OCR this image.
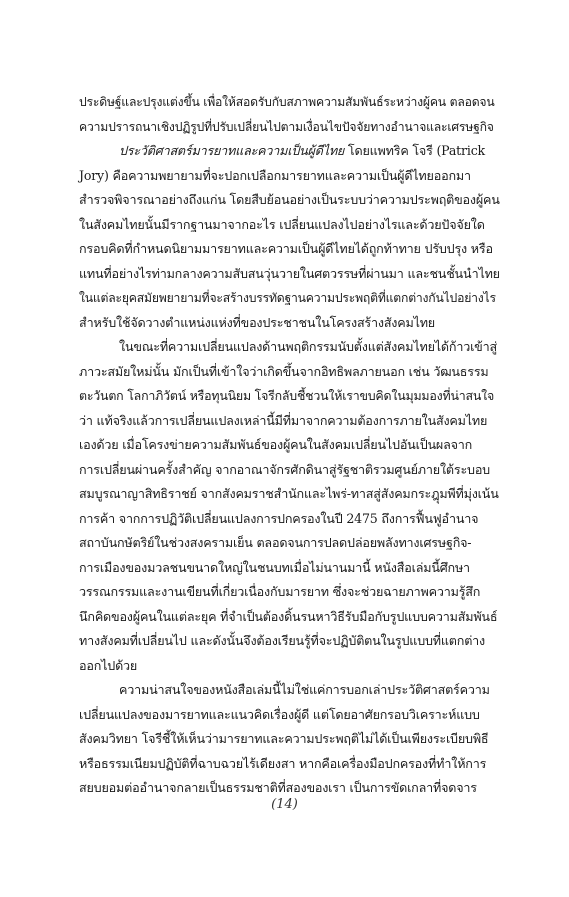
ประดิษฐ์และปรุงแต่งขึ้น เพื่อให้สอดรับกับสภาพความสัมพันธ์ระหว่างผู้คน ตลอดจน
ความปรารถนาเชิงปฏิรูปที่ปรับเปลี่ยนไปตามเงื่อนไขปัจจัยทางอำนาจและเศรษฐกิจ
ประวัติศาสตร์มารยาทและความเป็นผู้ดีไทย โดยแพทริค โจรี (Patrick
Jory) คือความพยายามที่จะปอกเปลือกมารยาทและความเป็นผู้ดีไทยออกมา
สำรวจพิจารณาอย่างถึงแก่น โดยสืบย้อนอย่างเป็นระบบว่าความประพฤติของผู้คน
ในสังคมไทยนั้นมีรากฐานมาจากอะไร เปลี่ยนแปลงไปอย่างไรและด้วยปัจจัยใด
กรอบคิดที่กำหนดนิยามมารยาทและความเป็นผู้ดีไทยได้ถูกท้าทาย ปรับปรุง หรือ
แทนที่อย่างไรท่ามกลางความสับสนวุ่นวายในศตวรรษที่ผ่านมา และชนชั้นนำไทย
ในแต่ละยุคสมัยพยายามที่จะสร้างบรรทัดฐานความประพฤติที่แตกต่างกันไปอย่างไร
สำหรับใช้จัดวางตำแหน่งแห่งที่ของประชาชนในโครงสร้างสังคมไทย
ในขณะที่ความเปลี่ยนแปลงด้านพฤติกรรมนับตั้งแต่สังคมไทยได้ก้าวเข้าสู่
ภาวะสมัยใหม่นั้น มักเป็นที่เข้าใจว่าเกิดขึ้นจากอิทธิพลภายนอก เช่น วัฒนธรรม
ตะวันตก โลกาภิวัตน์ หรือทุนนิยม โจรีกลับชี้ชวนให้เราขบคิดในมุมมองที่น่าสนใจ
ว่า แท้จริงแล้วการเปลี่ยนแปลงเหล่านี้มีที่มาจากความต้องการภายในสังคมไทย
เองด้วย เมื่อโครงข่ายความสัมพันธ์ของผู้คนในสังคมเปลี่ยนไปอันเป็นผลจาก
การเปลี่ยนผ่านครั้งสำคัญ จากอาณาจักรศักดินาสู่รัฐชาติรวมศูนย์ภายใต้ระบอบ
สมบูรณาญาสิทธิราชย์ จากสังคมราชสำนักและไพร่-ทาสสู่สังคมกระฎุมพีที่มุ่งเน้น
การค้า จากการปฏิวัติเปลี่ยนแปลงการปกครองในปี 2475 ถึงการฟื้นฟูอำนาจ
สถาบันกษัตริย์ในช่วงสงครามเย็น ตลอดจนการปลดปล่อยพลังทางเศรษฐกิจ-
การเมืองของมวลชนขนาดใหญ่ในชนบทเมื่อไม่นานมานี้ หนังสือเล่มนี้ศึกษา
วรรณกรรมและงานเขียนที่เกี่ยวเนื่องกับมารยาท ซึ่งจะช่วยฉายภาพความรู้สึก
นึกคิดของผู้คนในแต่ละยุค ที่จำเป็นต้องดิ้นรนหาวิธีรับมือกับรูปแบบความสัมพันธ์
ทางสังคมที่เปลี่ยนไป และดังนั้นจึงต้องเรียนรู้ที่จะปฏิบัติตนในรูปแบบที่แตกต่าง
ออกไปด้วย
ความน่าสนใจของหนังสือเล่มนี้ไม่ใช่แค่การบอกเล่าประวัติศาสตร์ความ
เปลี่ยนแปลงของมารยาทและแนวคิดเรื่องผู้ดี แต่โดยอาศัยกรอบวิเคราะห์แบบ
สังคมวิทยา โจรีชี้ให้เห็นว่ามารยาทและความประพฤติไม่ได้เป็นเพียงระเบียบพิธี
หรือธรรมเนียมปฏิบัติที่ฉาบฉวยไร้เดียงสา หากคือเครื่องมือปกครองที่ทำให้การ
สยบยอมต่ออำนาจกลายเป็นธรรมชาติที่สองของเรา เป็นการขัดเกลาที่จดจาร
(14)
